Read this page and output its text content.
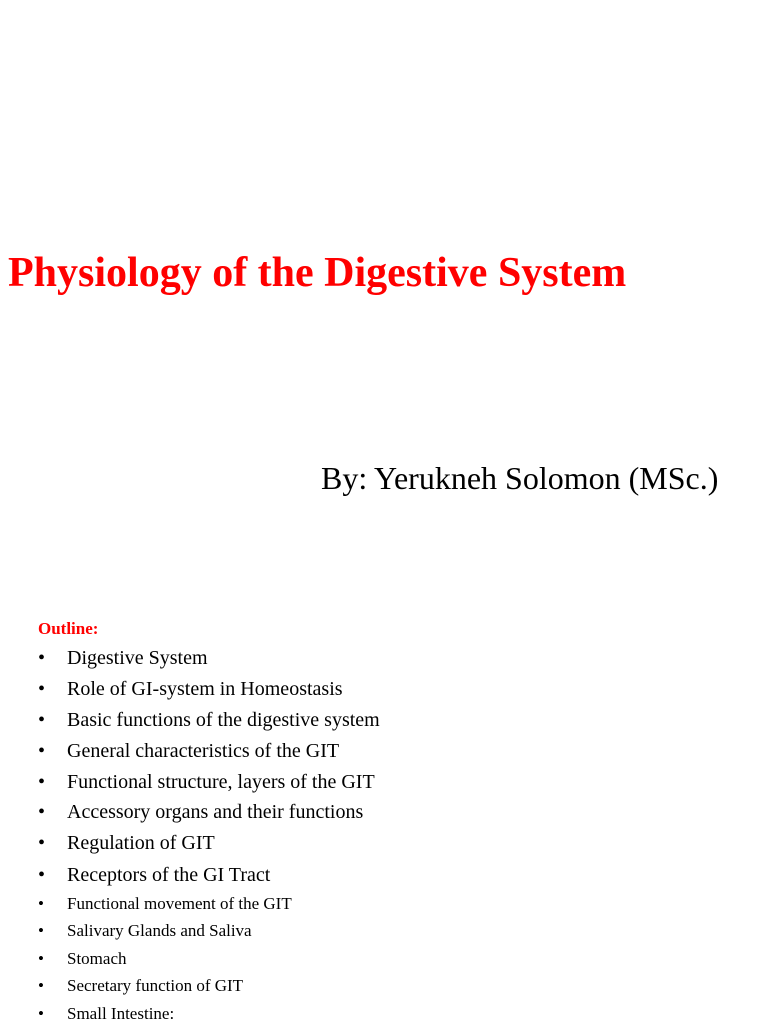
Physiology of the Digestive System

By: Yerukneh Solomon (MSc.)

Outline:

•	Digestive System
•	Role of GI-system in Homeostasis
•	Basic functions of the digestive system
•	General characteristics of the GIT
•	Functional structure, layers of the GIT
•	Accessory organs and their functions
•	Regulation of GIT
•	Receptors of the GI Tract
•	Functional movement of the GIT
•	Salivary Glands and Saliva
•	Stomach
•	Secretary function of GIT
•	Small Intestine:
